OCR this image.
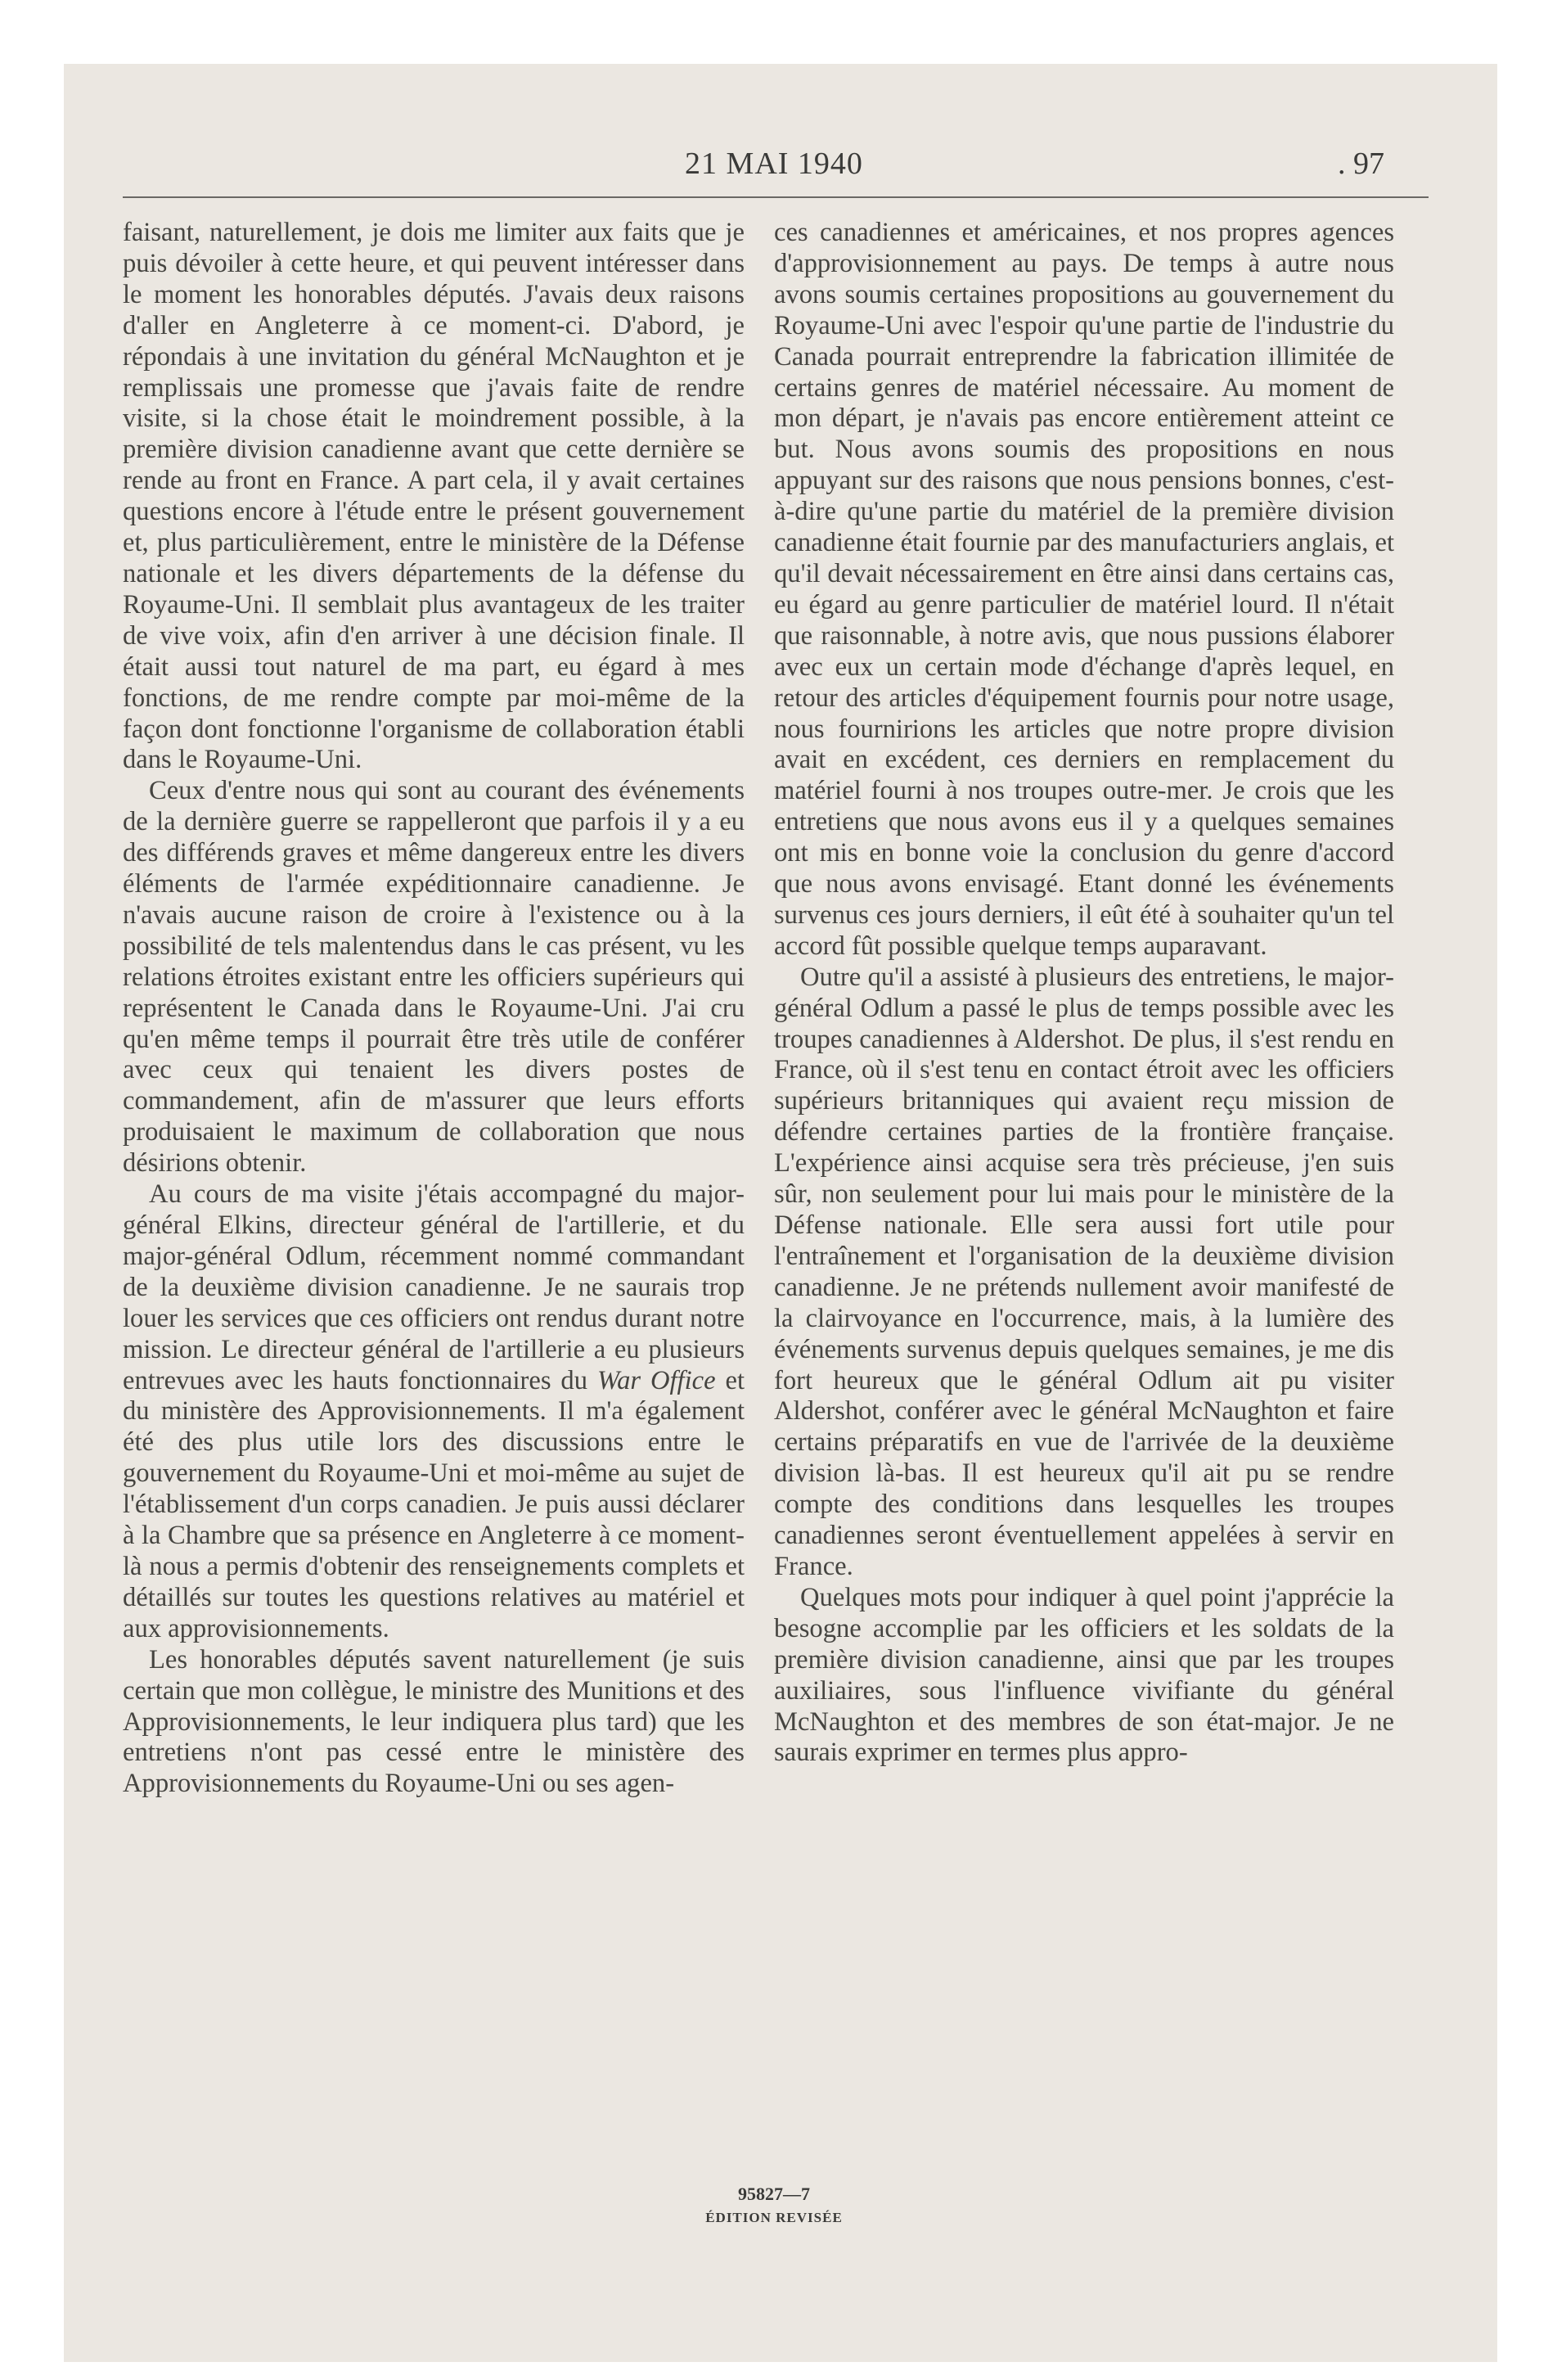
21 MAI 1940	. 97

faisant, naturellement, je dois me limiter aux faits que je puis dévoiler à cette heure, et qui peuvent intéresser dans le moment les honorables députés. J'avais deux raisons d'aller en Angleterre à ce moment-ci. D'abord, je répondais à une invitation du général McNaughton et je remplissais une promesse que j'avais faite de rendre visite, si la chose était le moindrement possible, à la première division canadienne avant que cette dernière se rende au front en France. A part cela, il y avait certaines questions encore à l'étude entre le présent gouvernement et, plus particulièrement, entre le ministère de la Défense nationale et les divers départements de la défense du Royaume-Uni. Il semblait plus avantageux de les traiter de vive voix, afin d'en arriver à une décision finale. Il était aussi tout naturel de ma part, eu égard à mes fonctions, de me rendre compte par moi-même de la façon dont fonctionne l'organisme de collaboration établi dans le Royaume-Uni.

Ceux d'entre nous qui sont au courant des événements de la dernière guerre se rappelleront que parfois il y a eu des différends graves et même dangereux entre les divers éléments de l'armée expéditionnaire canadienne. Je n'avais aucune raison de croire à l'existence ou à la possibilité de tels malentendus dans le cas présent, vu les relations étroites existant entre les officiers supérieurs qui représentent le Canada dans le Royaume-Uni. J'ai cru qu'en même temps il pourrait être très utile de conférer avec ceux qui tenaient les divers postes de commandement, afin de m'assurer que leurs efforts produisaient le maximum de collaboration que nous désirions obtenir.

Au cours de ma visite j'étais accompagné du major-général Elkins, directeur général de l'artillerie, et du major-général Odlum, récemment nommé commandant de la deuxième division canadienne. Je ne saurais trop louer les services que ces officiers ont rendus durant notre mission. Le directeur général de l'artillerie a eu plusieurs entrevues avec les hauts fonctionnaires du War Office et du ministère des Approvisionnements. Il m'a également été des plus utile lors des discussions entre le gouvernement du Royaume-Uni et moi-même au sujet de l'établissement d'un corps canadien. Je puis aussi déclarer à la Chambre que sa présence en Angleterre à ce moment-là nous a permis d'obtenir des renseignements complets et détaillés sur toutes les questions relatives au matériel et aux approvisionnements.

Les honorables députés savent naturellement (je suis certain que mon collègue, le ministre des Munitions et des Approvisionnements, le leur indiquera plus tard) que les entretiens n'ont pas cessé entre le ministère des Approvisionnements du Royaume-Uni ou ses agen-

ces canadiennes et américaines, et nos propres agences d'approvisionnement au pays. De temps à autre nous avons soumis certaines propositions au gouvernement du Royaume-Uni avec l'espoir qu'une partie de l'industrie du Canada pourrait entreprendre la fabrication illimitée de certains genres de matériel nécessaire. Au moment de mon départ, je n'avais pas encore entièrement atteint ce but. Nous avons soumis des propositions en nous appuyant sur des raisons que nous pensions bonnes, c'est-à-dire qu'une partie du matériel de la première division canadienne était fournie par des manufacturiers anglais, et qu'il devait nécessairement en être ainsi dans certains cas, eu égard au genre particulier de matériel lourd. Il n'était que raisonnable, à notre avis, que nous pussions élaborer avec eux un certain mode d'échange d'après lequel, en retour des articles d'équipement fournis pour notre usage, nous fournirions les articles que notre propre division avait en excédent, ces derniers en remplacement du matériel fourni à nos troupes outre-mer. Je crois que les entretiens que nous avons eus il y a quelques semaines ont mis en bonne voie la conclusion du genre d'accord que nous avons envisagé. Etant donné les événements survenus ces jours derniers, il eût été à souhaiter qu'un tel accord fût possible quelque temps auparavant.

Outre qu'il a assisté à plusieurs des entretiens, le major-général Odlum a passé le plus de temps possible avec les troupes canadiennes à Aldershot. De plus, il s'est rendu en France, où il s'est tenu en contact étroit avec les officiers supérieurs britanniques qui avaient reçu mission de défendre certaines parties de la frontière française. L'expérience ainsi acquise sera très précieuse, j'en suis sûr, non seulement pour lui mais pour le ministère de la Défense nationale. Elle sera aussi fort utile pour l'entraînement et l'organisation de la deuxième division canadienne. Je ne prétends nullement avoir manifesté de la clairvoyance en l'occurrence, mais, à la lumière des événements survenus depuis quelques semaines, je me dis fort heureux que le général Odlum ait pu visiter Aldershot, conférer avec le général McNaughton et faire certains préparatifs en vue de l'arrivée de la deuxième division là-bas. Il est heureux qu'il ait pu se rendre compte des conditions dans lesquelles les troupes canadiennes seront éventuellement appelées à servir en France.

Quelques mots pour indiquer à quel point j'apprécie la besogne accomplie par les officiers et les soldats de la première division canadienne, ainsi que par les troupes auxiliaires, sous l'influence vivifiante du général McNaughton et des membres de son état-major. Je ne saurais exprimer en termes plus appro-

95827—7
ÉDITION REVISÉE
